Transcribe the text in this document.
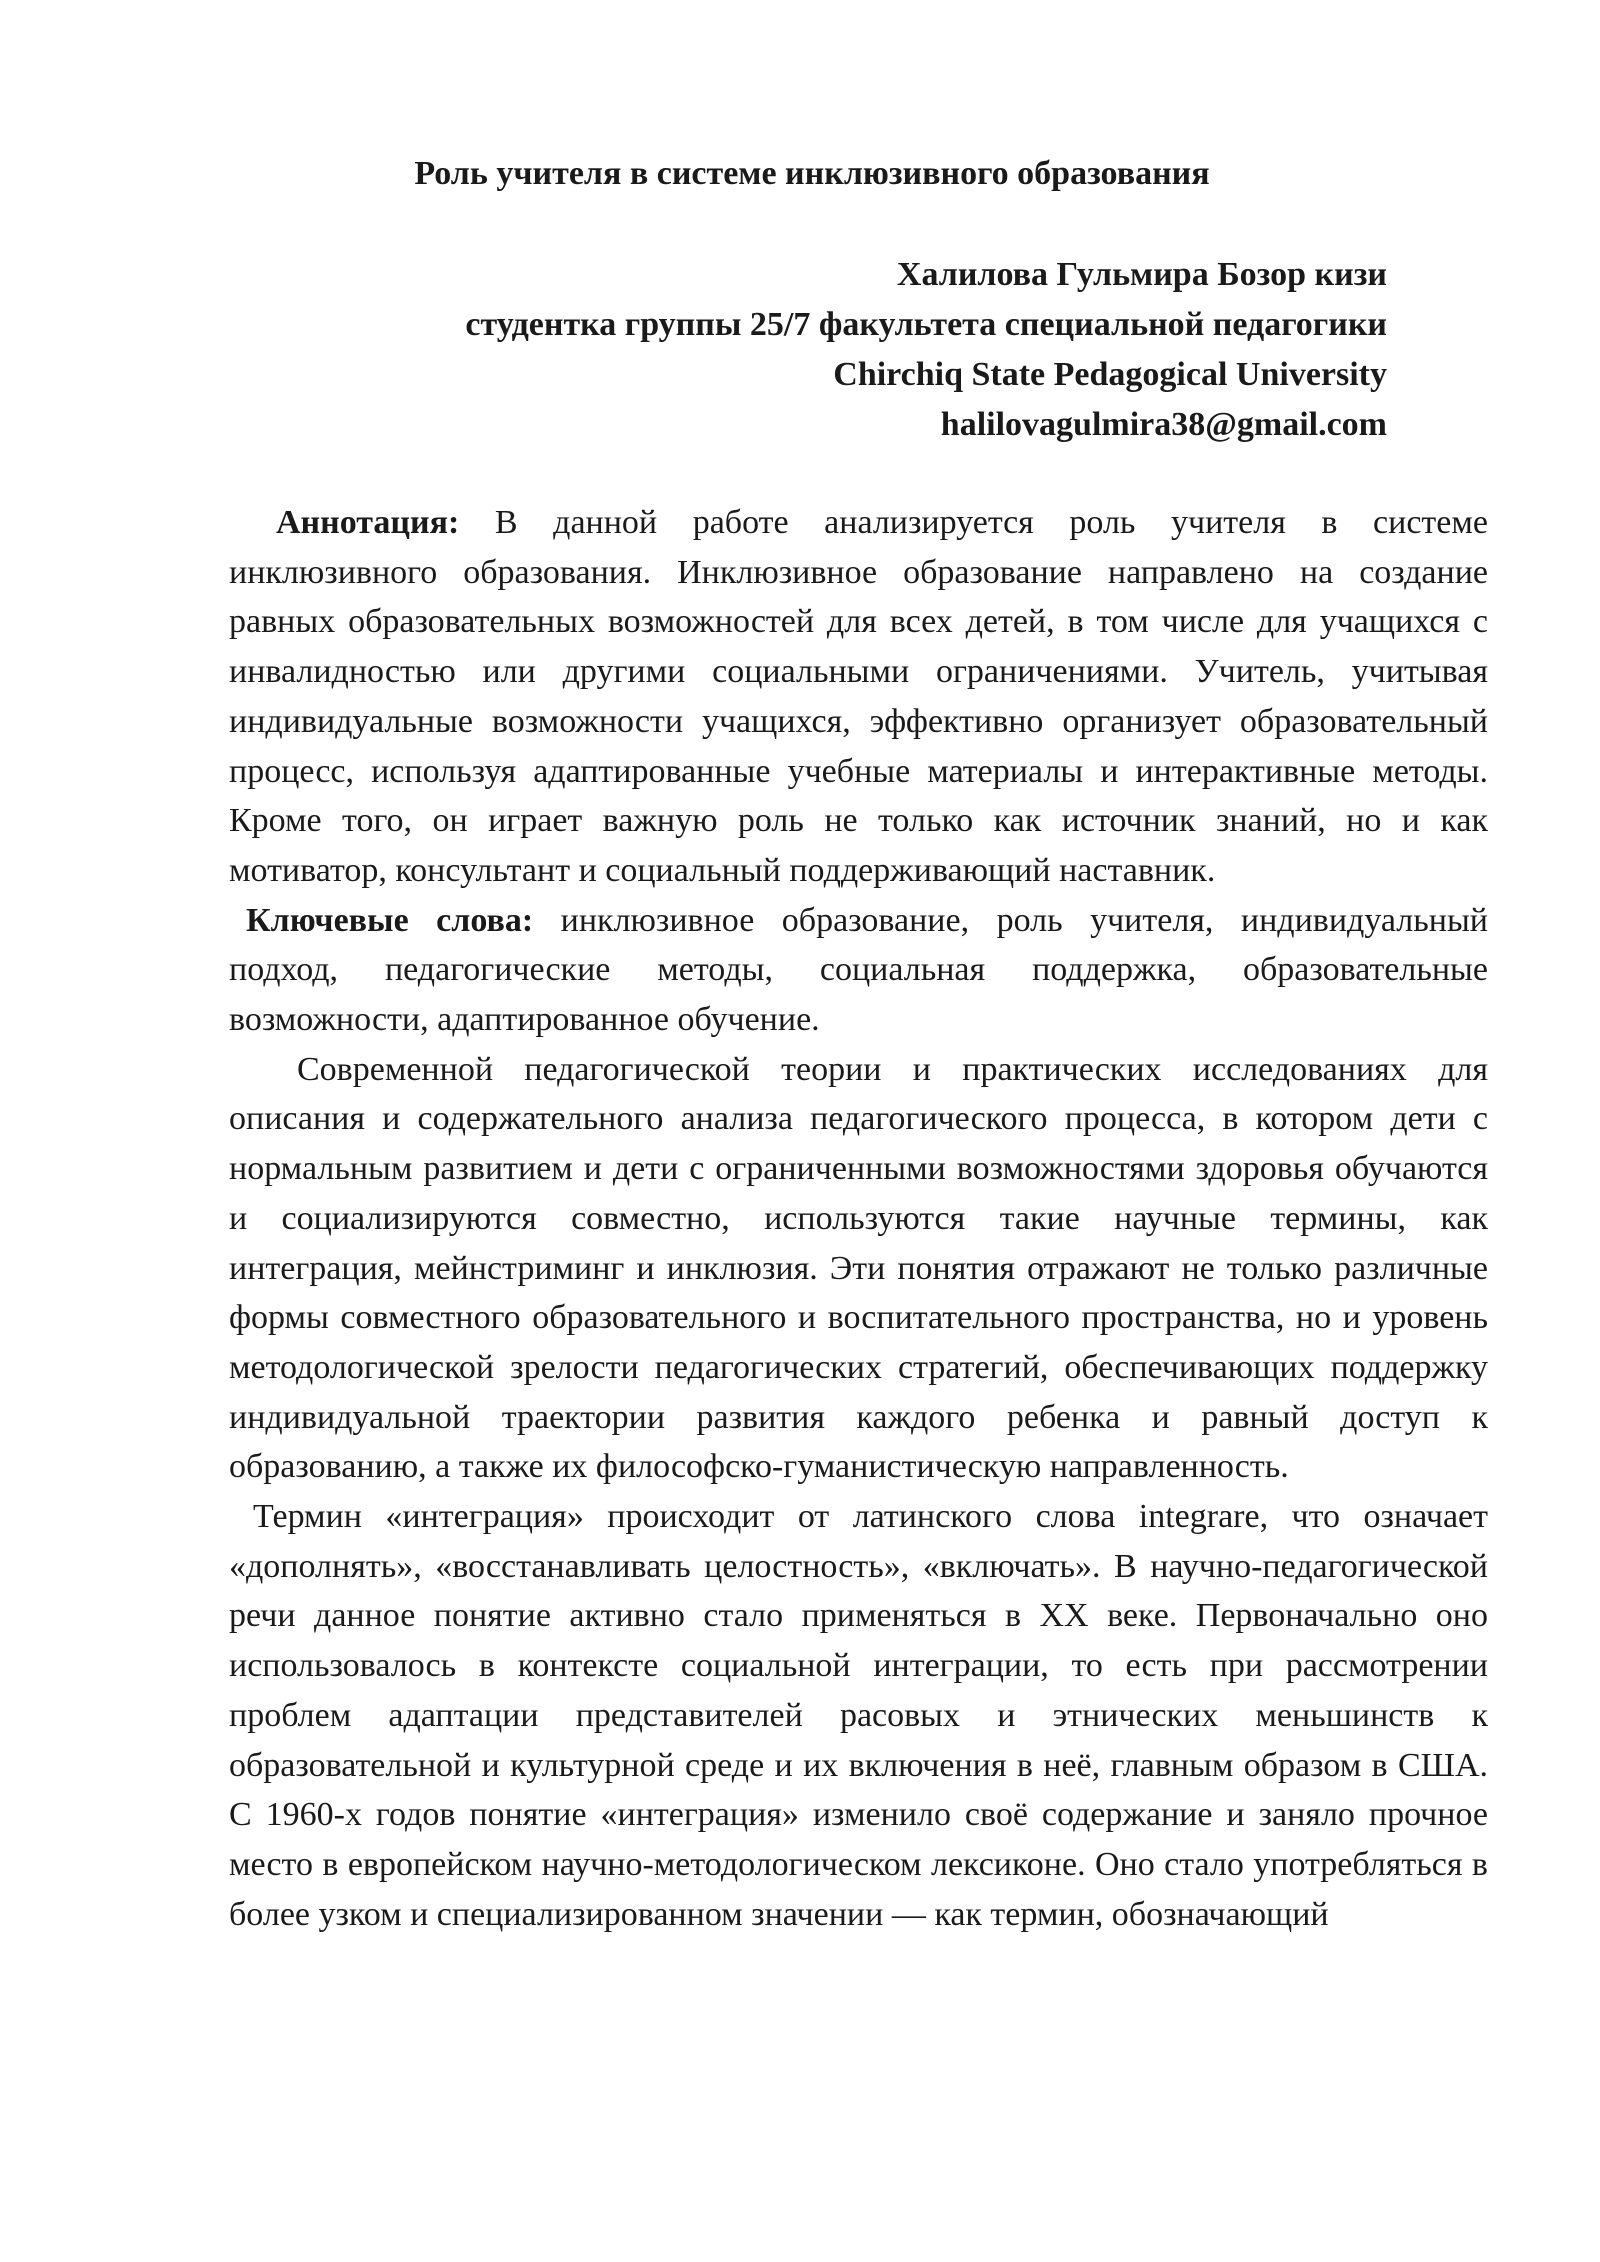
Роль учителя в системе инклюзивного образования
Халилова Гульмира Бозор кизи
студентка группы 25/7 факультета специальной педагогики
Chirchiq State Pedagogical University
halilovagulmira38@gmail.com

Аннотация: В данной работе анализируется роль учителя в системе инклюзивного образования. Инклюзивное образование направлено на создание равных образовательных возможностей для всех детей, в том числе для учащихся с инвалидностью или другими социальными ограничениями. Учитель, учитывая индивидуальные возможности учащихся, эффективно организует образовательный процесс, используя адаптированные учебные материалы и интерактивные методы. Кроме того, он играет важную роль не только как источник знаний, но и как мотиватор, консультант и социальный поддерживающий наставник.

Ключевые слова: инклюзивное образование, роль учителя, индивидуальный подход, педагогические методы, социальная поддержка, образовательные возможности, адаптированное обучение.

Современной педагогической теории и практических исследованиях для описания и содержательного анализа педагогического процесса, в котором дети с нормальным развитием и дети с ограниченными возможностями здоровья обучаются и социализируются совместно, используются такие научные термины, как интеграция, мейнстриминг и инклюзия. Эти понятия отражают не только различные формы совместного образовательного и воспитательного пространства, но и уровень методологической зрелости педагогических стратегий, обеспечивающих поддержку индивидуальной траектории развития каждого ребенка и равный доступ к образованию, а также их философско-гуманистическую направленность.

Термин «интеграция» происходит от латинского слова integrare, что означает «дополнять», «восстанавливать целостность», «включать». В научно-педагогической речи данное понятие активно стало применяться в XX веке. Первоначально оно использовалось в контексте социальной интеграции, то есть при рассмотрении проблем адаптации представителей расовых и этнических меньшинств к образовательной и культурной среде и их включения в неё, главным образом в США. С 1960-х годов понятие «интеграция» изменило своё содержание и заняло прочное место в европейском научно-методологическом лексиконе. Оно стало употребляться в более узком и специализированном значении — как термин, обозначающий
